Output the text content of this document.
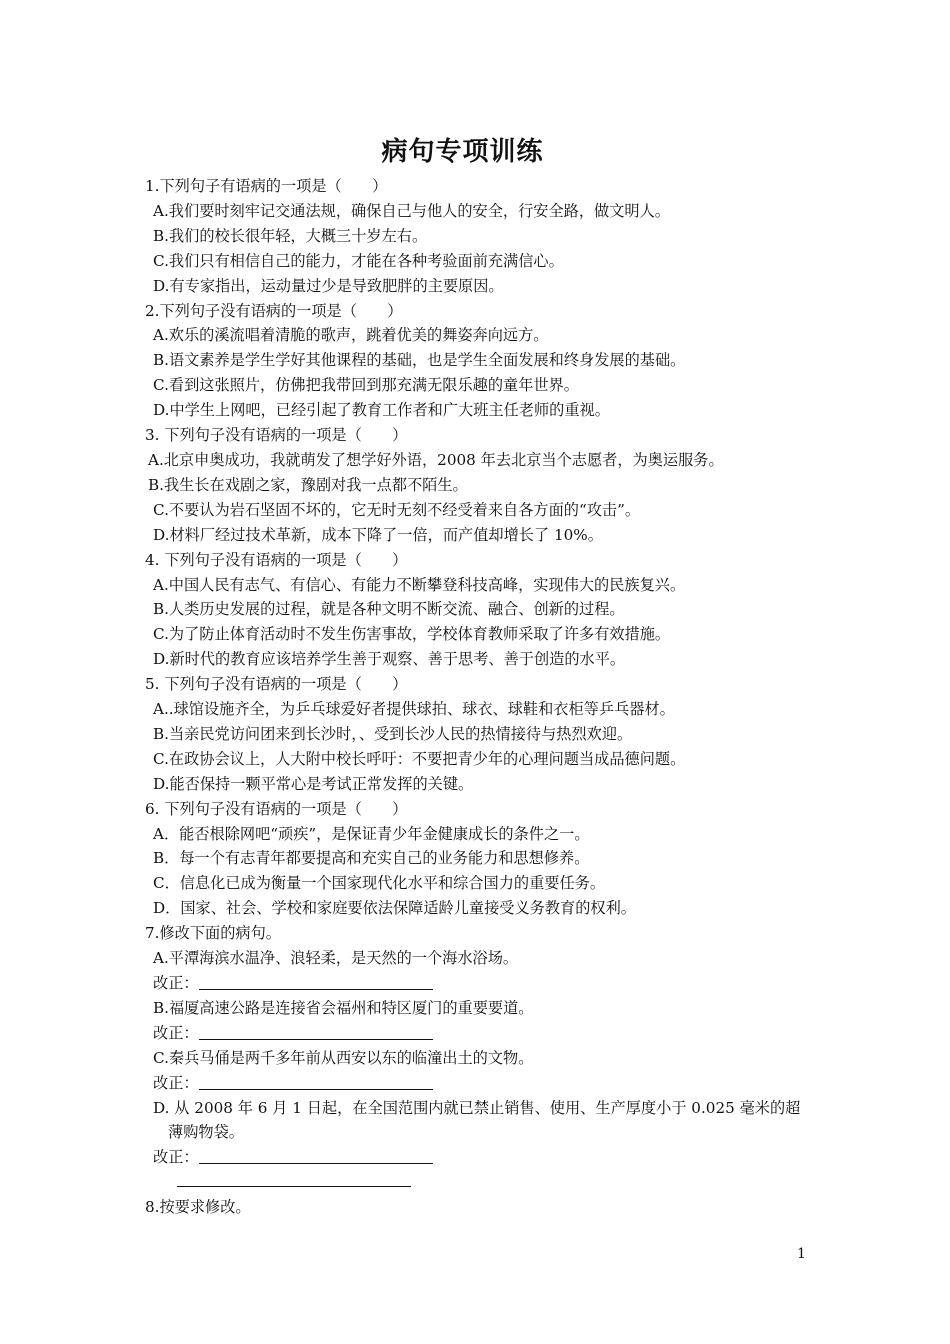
病句专项训练
1.下列句子有语病的一项是（　　）
A.我们要时刻牢记交通法规，确保自己与他人的安全，行安全路，做文明人。
B.我们的校长很年轻，大概三十岁左右。
C.我们只有相信自己的能力，才能在各种考验面前充满信心。
D.有专家指出，运动量过少是导致肥胖的主要原因。
2.下列句子没有语病的一项是（　　）
A.欢乐的溪流唱着清脆的歌声，跳着优美的舞姿奔向远方。
B.语文素养是学生学好其他课程的基础，也是学生全面发展和终身发展的基础。
C.看到这张照片，仿佛把我带回到那充满无限乐趣的童年世界。
D.中学生上网吧，已经引起了教育工作者和广大班主任老师的重视。
3. 下列句子没有语病的一项是（　　）
A.北京申奥成功，我就萌发了想学好外语，2008 年去北京当个志愿者，为奥运服务。
B.我生长在戏剧之家，豫剧对我一点都不陌生。
C.不要认为岩石坚固不坏的，它无时无刻不经受着来自各方面的“攻击”。
D.材料厂经过技术革新，成本下降了一倍，而产值却增长了 10%。
4. 下列句子没有语病的一项是（　　）
A.中国人民有志气、有信心、有能力不断攀登科技高峰，实现伟大的民族复兴。
B.人类历史发展的过程，就是各种文明不断交流、融合、创新的过程。
C.为了防止体育活动时不发生伤害事故，学校体育教师采取了许多有效措施。
D.新时代的教育应该培养学生善于观察、善于思考、善于创造的水平。
5. 下列句子没有语病的一项是（　　）
A..球馆设施齐全，为乒乓球爱好者提供球拍、球衣、球鞋和衣柜等乒乓器材。
B.当亲民党访问团来到长沙时，、受到长沙人民的热情接待与热烈欢迎。
C.在政协会议上，人大附中校长呼吁：不要把青少年的心理问题当成品德问题。
D.能否保持一颗平常心是考试正常发挥的关键。
6. 下列句子没有语病的一项是（　　）
A．能否根除网吧“顽疾”，是保证青少年金健康成长的条件之一。
B．每一个有志青年都要提高和充实自己的业务能力和思想修养。
C．信息化已成为衡量一个国家现代化水平和综合国力的重要任务。
D．国家、社会、学校和家庭要依法保障适龄儿童接受义务教育的权利。
7.修改下面的病句。
A.平潭海滨水温净、浪轻柔，是天然的一个海水浴场。
改正：
B.福厦高速公路是连接省会福州和特区厦门的重要要道。
改正：
C.秦兵马俑是两千多年前从西安以东的临潼出土的文物。
改正：
D. 从 2008 年 6 月 1 日起，在全国范围内就已禁止销售、使用、生产厚度小于 0.025 毫米的超薄购物袋。
改正：
8.按要求修改。
1
